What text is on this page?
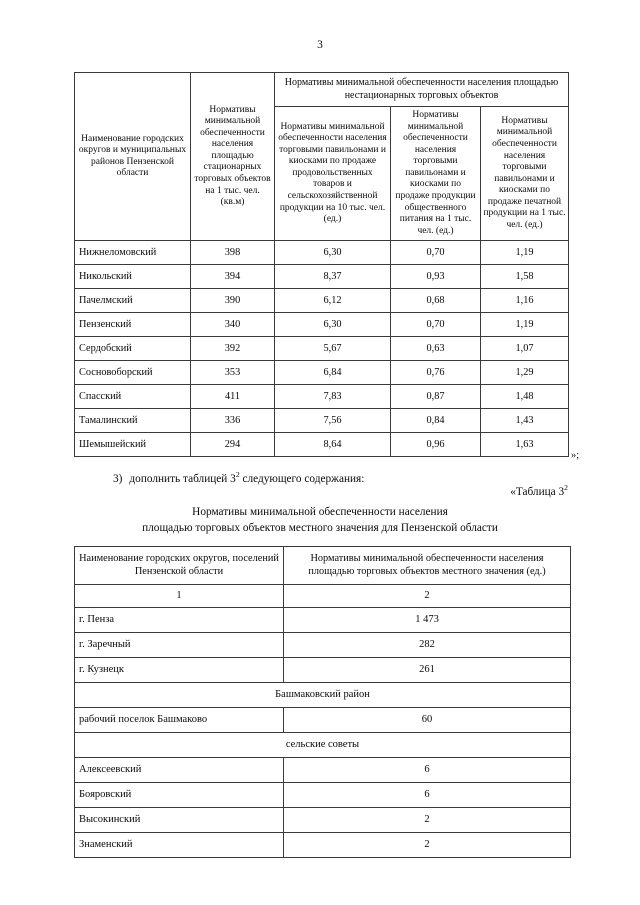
3
Наименование городских округов и муниципальных районов Пензенской области	Нормативы минимальной обеспеченности населения площадью стационарных торговых объектов на 1 тыс. чел. (кв.м)	Нормативы минимальной обеспеченности населения площадью нестационарных торговых объектов		
		Нормативы минимальной обеспеченности населения торговыми павильонами и киосками по продаже продовольственных товаров и сельскохозяйственной продукции на 10 тыс. чел. (ед.)	Нормативы минимальной обеспеченности населения торговыми павильонами и киосками по продаже продукции общественного питания на 1 тыс. чел. (ед.)	Нормативы минимальной обеспеченности населения торговыми павильонами и киосками по продаже печатной продукции на 1 тыс. чел. (ед.)
Нижнеломовский	398	6,30	0,70	1,19
Никольский	394	8,37	0,93	1,58
Пачелмский	390	6,12	0,68	1,16
Пензенский	340	6,30	0,70	1,19
Сердобский	392	5,67	0,63	1,07
Сосновоборский	353	6,84	0,76	1,29
Спасский	411	7,83	0,87	1,48
Тамалинский	336	7,56	0,84	1,43
Шемышейский	294	8,64	0,96	1,63
»;
3) дополнить таблицей $3^2$ следующего содержания:
«Таблица $3^2$
Нормативы минимальной обеспеченности населения
площадью торговых объектов местного значения для Пензенской области
Наименование городских округов, поселений Пензенской области	Нормативы минимальной обеспеченности населения площадью торговых объектов местного значения (ед.)
1	2
г. Пенза	1 473
г. Заречный	282
г. Кузнецк	261
Башмаковский район	
рабочий поселок Башмаково	60
сельские советы	
Алексеевский	6
Бояровский	6
Высокинский	2
Знаменский	2
